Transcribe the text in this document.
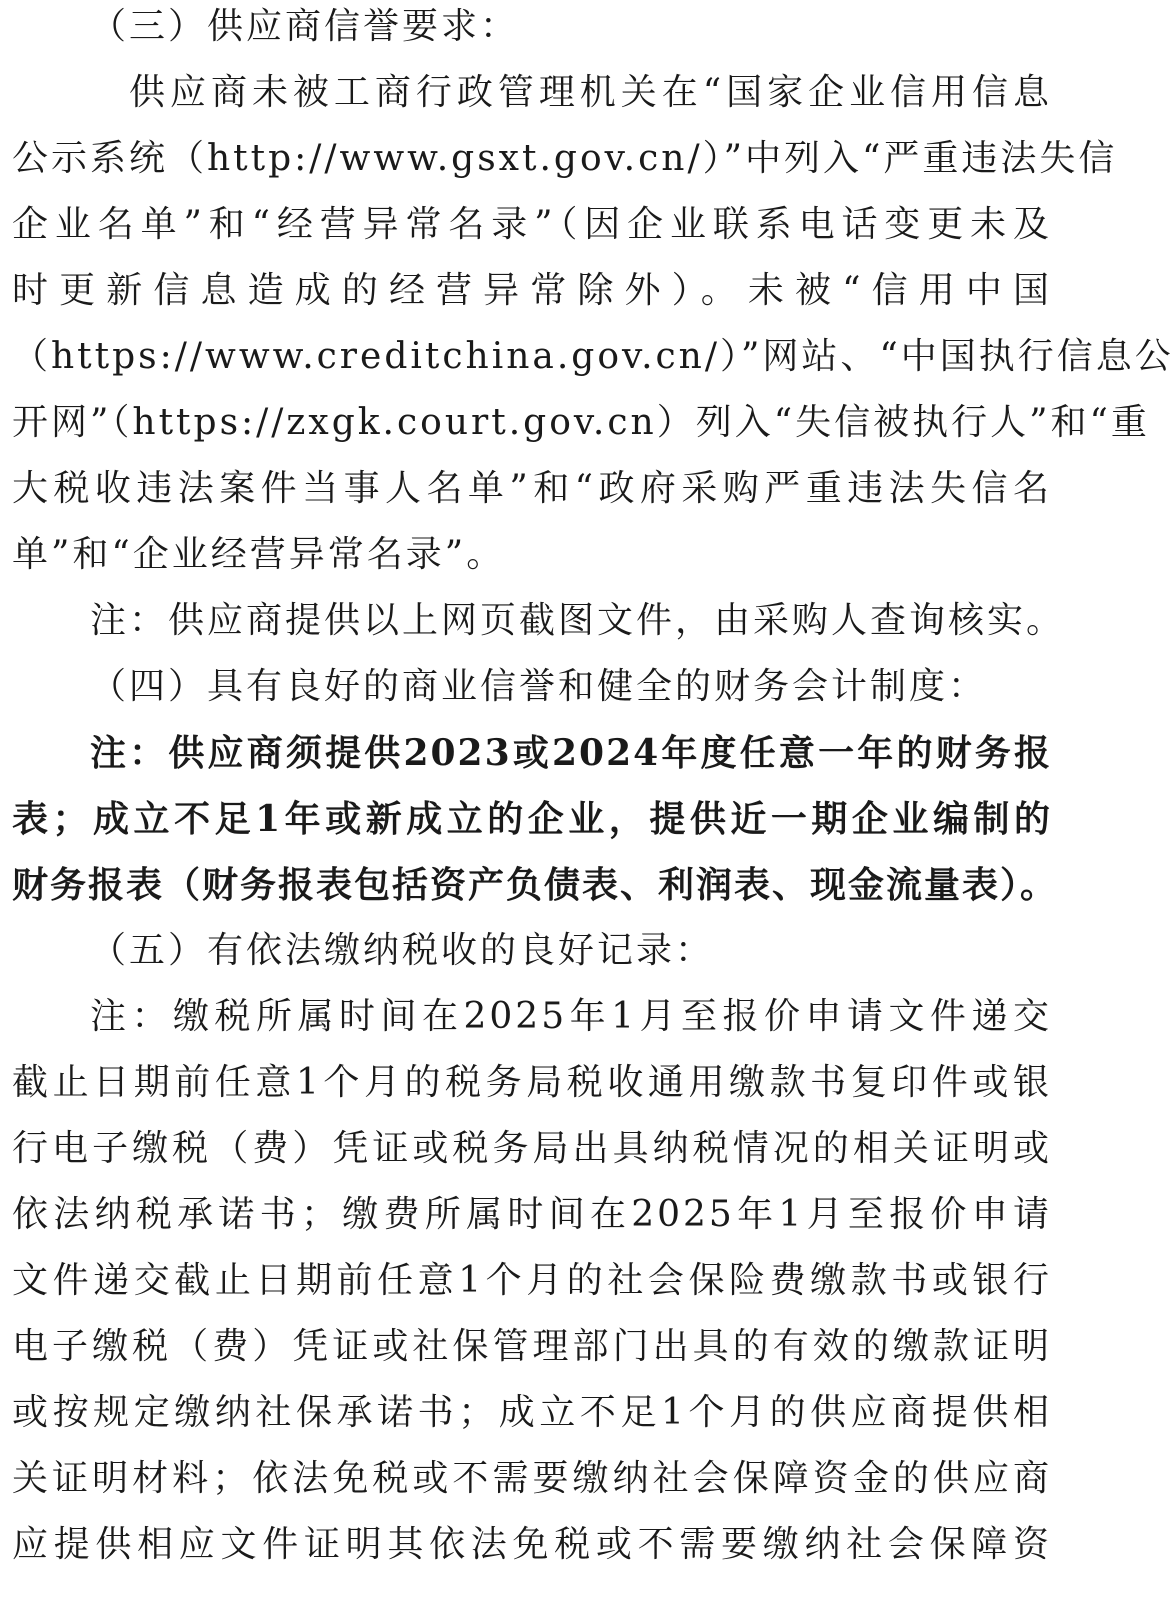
（三）供应商信誉要求：
供应商未被工商行政管理机关在“国家企业信用信息
公示系统（http://www.gsxt.gov.cn/）”中列入“严重违法失信
企业名单”和“经营异常名录”（因企业联系电话变更未及
时更新信息造成的经营异常除外）。未被“信用中国
（https://www.creditchina.gov.cn/）”网站、“中国执行信息公
开网”（https://zxgk.court.gov.cn）列入“失信被执行人”和“重
大税收违法案件当事人名单”和“政府采购严重违法失信名
单”和“企业经营异常名录”。
注：供应商提供以上网页截图文件，由采购人查询核实。
（四）具有良好的商业信誉和健全的财务会计制度：
注：供应商须提供2023或2024年度任意一年的财务报
表；成立不足1年或新成立的企业，提供近一期企业编制的
财务报表（财务报表包括资产负债表、利润表、现金流量表）。
（五）有依法缴纳税收的良好记录：
注：缴税所属时间在2025年1月至报价申请文件递交
截止日期前任意1个月的税务局税收通用缴款书复印件或银
行电子缴税（费）凭证或税务局出具纳税情况的相关证明或
依法纳税承诺书；缴费所属时间在2025年1月至报价申请
文件递交截止日期前任意1个月的社会保险费缴款书或银行
电子缴税（费）凭证或社保管理部门出具的有效的缴款证明
或按规定缴纳社保承诺书；成立不足1个月的供应商提供相
关证明材料；依法免税或不需要缴纳社会保障资金的供应商
应提供相应文件证明其依法免税或不需要缴纳社会保障资
